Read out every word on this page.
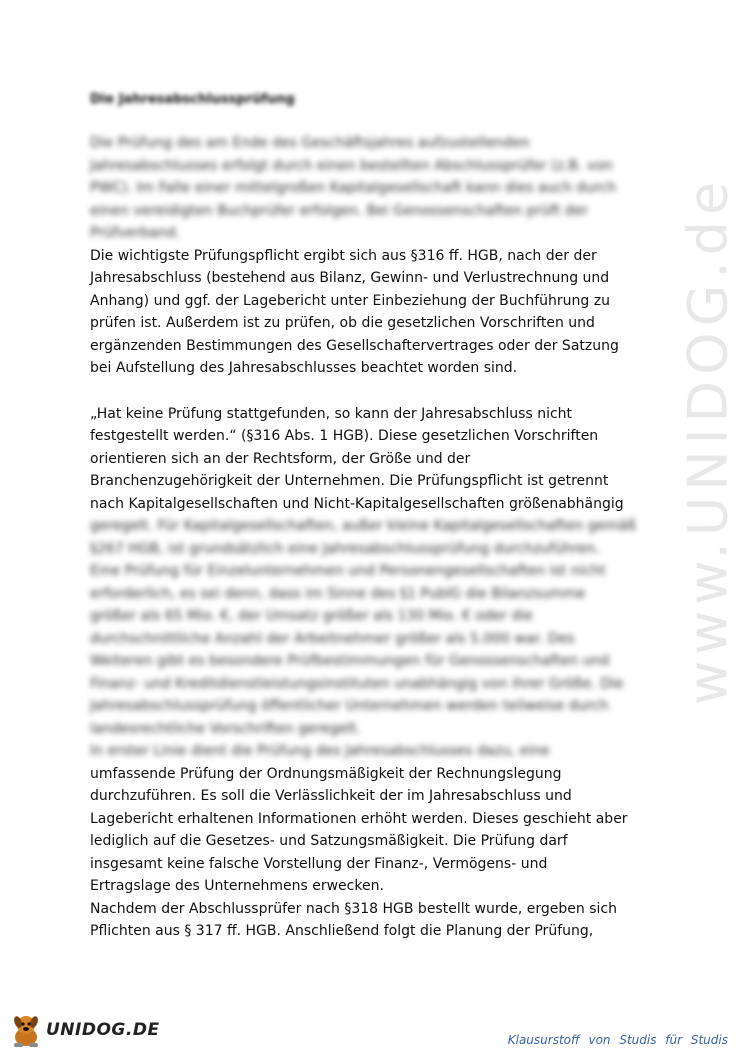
www.UNIDOG.de
Die Jahresabschlussprüfung
Die Prüfung des am Ende des Geschäftsjahres aufzustellenden
Jahresabschlusses erfolgt durch einen bestellten Abschlussprüfer (z.B. von
PWC). Im Falle einer mittelgroßen Kapitalgesellschaft kann dies auch durch
einen vereidigten Buchprüfer erfolgen. Bei Genossenschaften prüft der
Prüfverband.
Die wichtigste Prüfungspflicht ergibt sich aus §316 ff. HGB, nach der der
Jahresabschluss (bestehend aus Bilanz, Gewinn- und Verlustrechnung und
Anhang) und ggf. der Lagebericht unter Einbeziehung der Buchführung zu
prüfen ist. Außerdem ist zu prüfen, ob die gesetzlichen Vorschriften und
ergänzenden Bestimmungen des Gesellschaftervertrages oder der Satzung
bei Aufstellung des Jahresabschlusses beachtet worden sind.
„Hat keine Prüfung stattgefunden, so kann der Jahresabschluss nicht
festgestellt werden.“ (§316 Abs. 1 HGB). Diese gesetzlichen Vorschriften
orientieren sich an der Rechtsform, der Größe und der
Branchenzugehörigkeit der Unternehmen. Die Prüfungspflicht ist getrennt
nach Kapitalgesellschaften und Nicht-Kapitalgesellschaften größenabhängig
geregelt. Für Kapitalgesellschaften, außer kleine Kapitalgesellschaften gemäß
§267 HGB, ist grundsätzlich eine Jahresabschlussprüfung durchzuführen.
Eine Prüfung für Einzelunternehmen und Personengesellschaften ist nicht
erforderlich, es sei denn, dass im Sinne des §1 PublG die Bilanzsumme
größer als 65 Mio. €, der Umsatz größer als 130 Mio. € oder die
durchschnittliche Anzahl der Arbeitnehmer größer als 5.000 war. Des
Weiteren gibt es besondere Prüfbestimmungen für Genossenschaften und
Finanz- und Kreditdienstleistungsinstituten unabhängig von ihrer Größe. Die
Jahresabschlussprüfung öffentlicher Unternehmen werden teilweise durch
landesrechtliche Vorschriften geregelt.
In erster Linie dient die Prüfung des Jahresabschlusses dazu, eine
umfassende Prüfung der Ordnungsmäßigkeit der Rechnungslegung
durchzuführen. Es soll die Verlässlichkeit der im Jahresabschluss und
Lagebericht erhaltenen Informationen erhöht werden. Dieses geschieht aber
lediglich auf die Gesetzes- und Satzungsmäßigkeit. Die Prüfung darf
insgesamt keine falsche Vorstellung der Finanz-, Vermögens- und
Ertragslage des Unternehmens erwecken.
Nachdem der Abschlussprüfer nach §318 HGB bestellt wurde, ergeben sich
Pflichten aus § 317 ff. HGB. Anschließend folgt die Planung der Prüfung,
UNIDOG.DE	Klausurstoff von Studis für Studis
